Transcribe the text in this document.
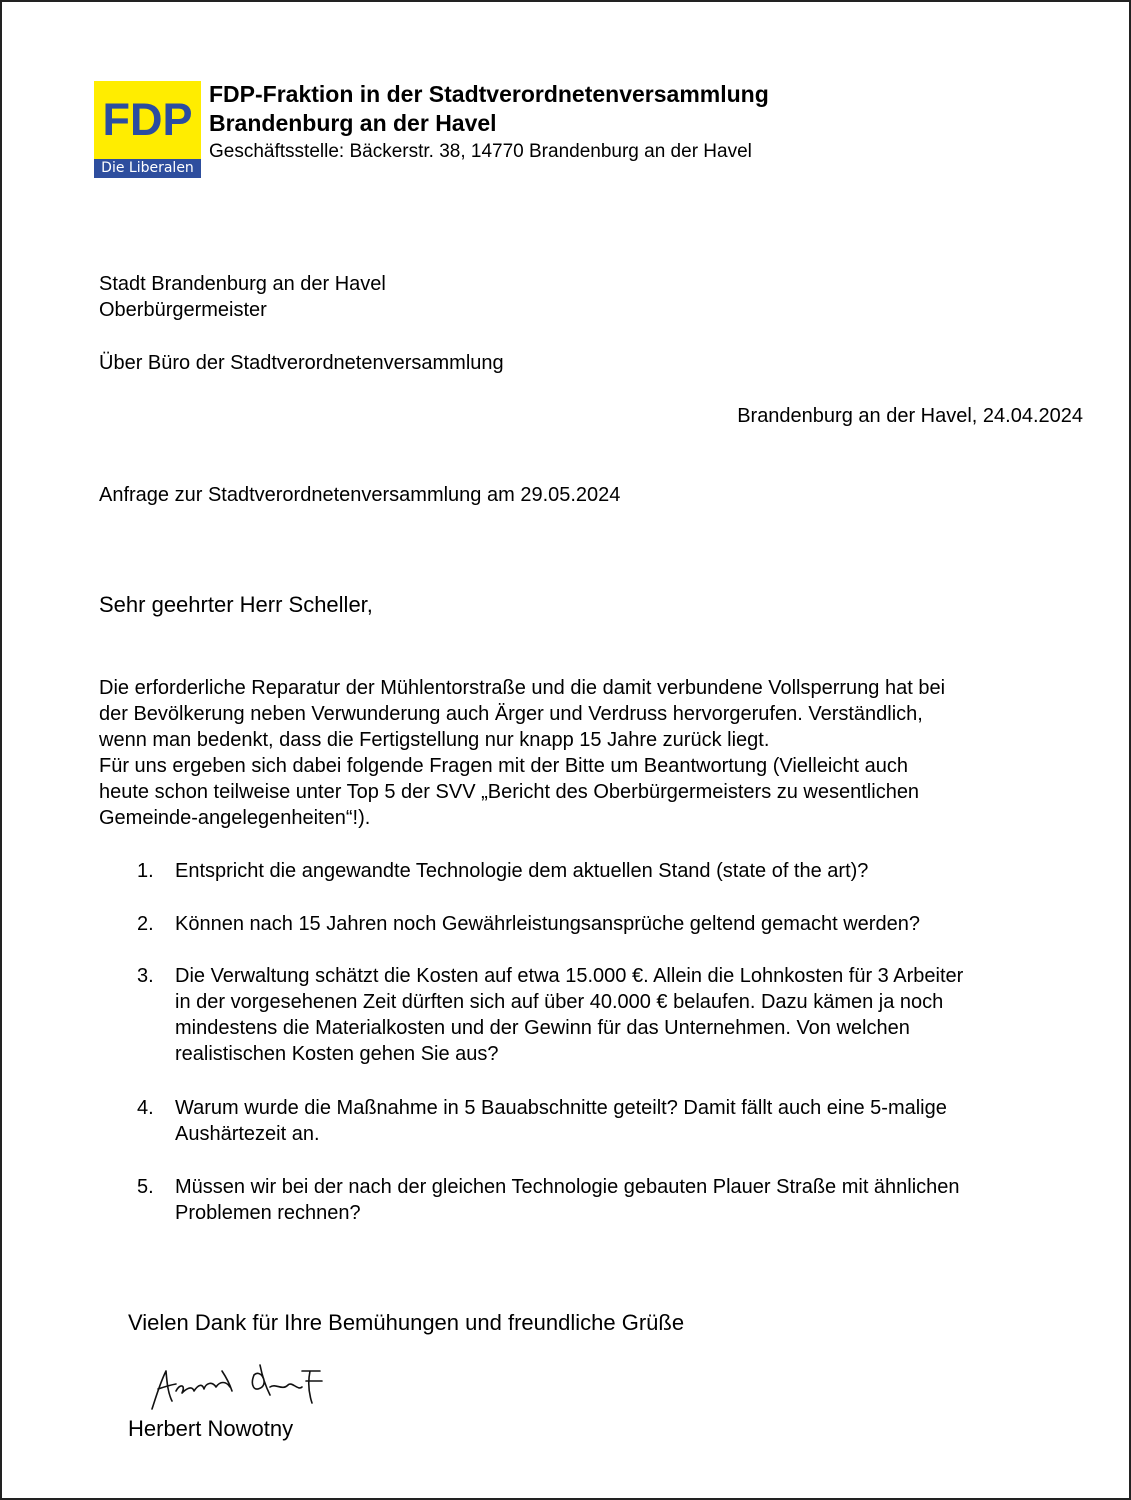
FDP
Die Liberalen
FDP-Fraktion in der Stadtverordnetenversammlung
Brandenburg an der Havel
Geschäftsstelle: Bäckerstr. 38, 14770 Brandenburg an der Havel
Stadt Brandenburg an der Havel
Oberbürgermeister
Über Büro der Stadtverordnetenversammlung
Brandenburg an der Havel, 24.04.2024
Anfrage zur Stadtverordnetenversammlung am 29.05.2024
Sehr geehrter Herr Scheller,
Die erforderliche Reparatur der Mühlentorstraße und die damit verbundene Vollsperrung hat bei
der Bevölkerung neben Verwunderung auch Ärger und Verdruss hervorgerufen. Verständlich,
wenn man bedenkt, dass die Fertigstellung nur knapp 15 Jahre zurück liegt.
Für uns ergeben sich dabei folgende Fragen mit der Bitte um Beantwortung (Vielleicht auch
heute schon teilweise unter Top 5 der SVV „Bericht des Oberbürgermeisters zu wesentlichen
Gemeinde-angelegenheiten“!).
1.	Entspricht die angewandte Technologie dem aktuellen Stand (state of the art)?
2.	Können nach 15 Jahren noch Gewährleistungsansprüche geltend gemacht werden?
3.	Die Verwaltung schätzt die Kosten auf etwa 15.000 €. Allein die Lohnkosten für 3 Arbeiter
in der vorgesehenen Zeit dürften sich auf über 40.000 € belaufen. Dazu kämen ja noch
mindestens die Materialkosten und der Gewinn für das Unternehmen. Von welchen
realistischen Kosten gehen Sie aus?
4.	Warum wurde die Maßnahme in 5 Bauabschnitte geteilt? Damit fällt auch eine 5-malige
Aushärtezeit an.
5.	Müssen wir bei der nach der gleichen Technologie gebauten Plauer Straße mit ähnlichen
Problemen rechnen?
Vielen Dank für Ihre Bemühungen und freundliche Grüße
Herbert Nowotny
